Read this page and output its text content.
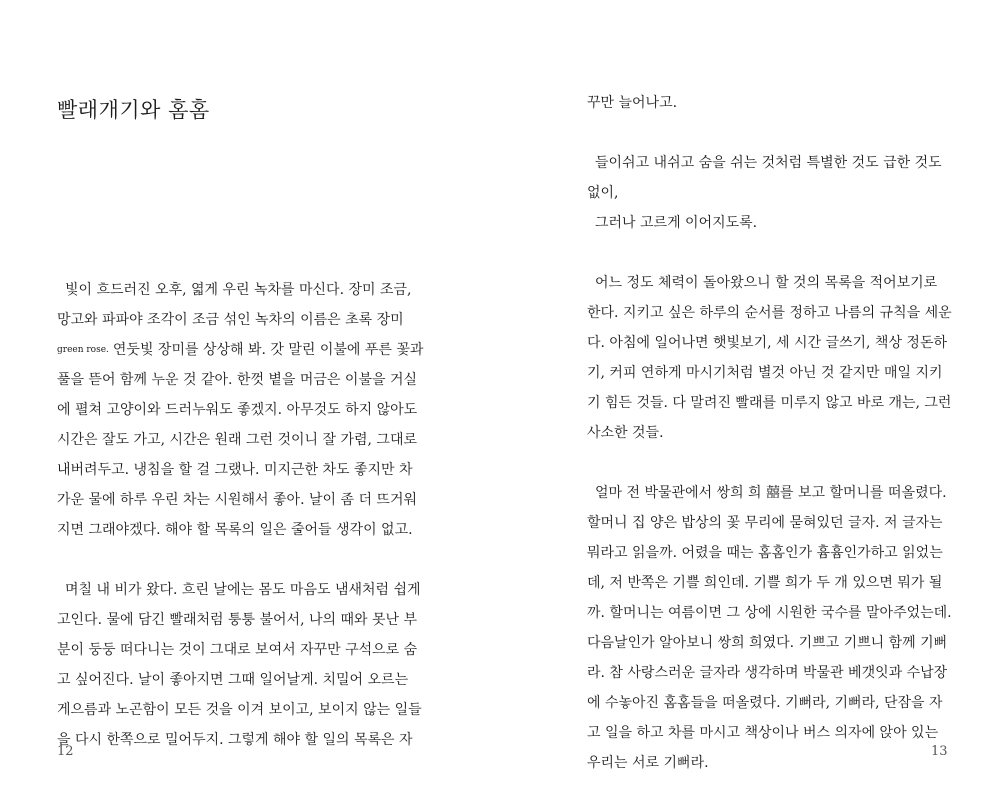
빨래개기와 홈홈
빛이 흐드러진 오후, 엷게 우린 녹차를 마신다. 장미 조금,
망고와 파파야 조각이 조금 섞인 녹차의 이름은 초록 장미
green rose. 연둣빛 장미를 상상해 봐. 갓 말린 이불에 푸른 꽃과
풀을 뜯어 함께 누운 것 같아. 한껏 볕을 머금은 이불을 거실
에 펼쳐 고양이와 드러누워도 좋겠지. 아무것도 하지 않아도
시간은 잘도 가고, 시간은 원래 그런 것이니 잘 가렴, 그대로
내버려두고. 냉침을 할 걸 그랬나. 미지근한 차도 좋지만 차
가운 물에 하루 우린 차는 시원해서 좋아. 날이 좀 더 뜨거워
지면 그래야겠다. 해야 할 목록의 일은 줄어들 생각이 없고.
며칠 내 비가 왔다. 흐린 날에는 몸도 마음도 냄새처럼 쉽게
고인다. 물에 담긴 빨래처럼 퉁퉁 불어서, 나의 때와 못난 부
분이 둥둥 떠다니는 것이 그대로 보여서 자꾸만 구석으로 숨
고 싶어진다. 날이 좋아지면 그때 일어날게. 치밀어 오르는
게으름과 노곤함이 모든 것을 이겨 보이고, 보이지 않는 일들
을 다시 한쪽으로 밀어두지. 그렇게 해야 할 일의 목록은 자
12
꾸만 늘어나고.
들이쉬고 내쉬고 숨을 쉬는 것처럼 특별한 것도 급한 것도
없이,
그러나 고르게 이어지도록.
어느 정도 체력이 돌아왔으니 할 것의 목록을 적어보기로
한다. 지키고 싶은 하루의 순서를 정하고 나름의 규칙을 세운
다. 아침에 일어나면 햇빛보기, 세 시간 글쓰기, 책상 정돈하
기, 커피 연하게 마시기처럼 별것 아닌 것 같지만 매일 지키
기 힘든 것들. 다 말려진 빨래를 미루지 않고 바로 개는, 그런
사소한 것들.
얼마 전 박물관에서 쌍희 희 囍를 보고 할머니를 떠올렸다.
할머니 집 양은 밥상의 꽃 무리에 묻혀있던 글자. 저 글자는
뭐라고 읽을까. 어렸을 때는 홈홈인가 흄흄인가하고 읽었는
데, 저 반쪽은 기쁠 희인데. 기쁠 희가 두 개 있으면 뭐가 될
까. 할머니는 여름이면 그 상에 시원한 국수를 말아주었는데.
다음날인가 알아보니 쌍희 희였다. 기쁘고 기쁘니 함께 기뻐
라. 참 사랑스러운 글자라 생각하며 박물관 베갯잇과 수납장
에 수놓아진 홈홈들을 떠올렸다. 기뻐라, 기뻐라, 단잠을 자
고 일을 하고 차를 마시고 책상이나 버스 의자에 앉아 있는
우리는 서로 기뻐라.
13
